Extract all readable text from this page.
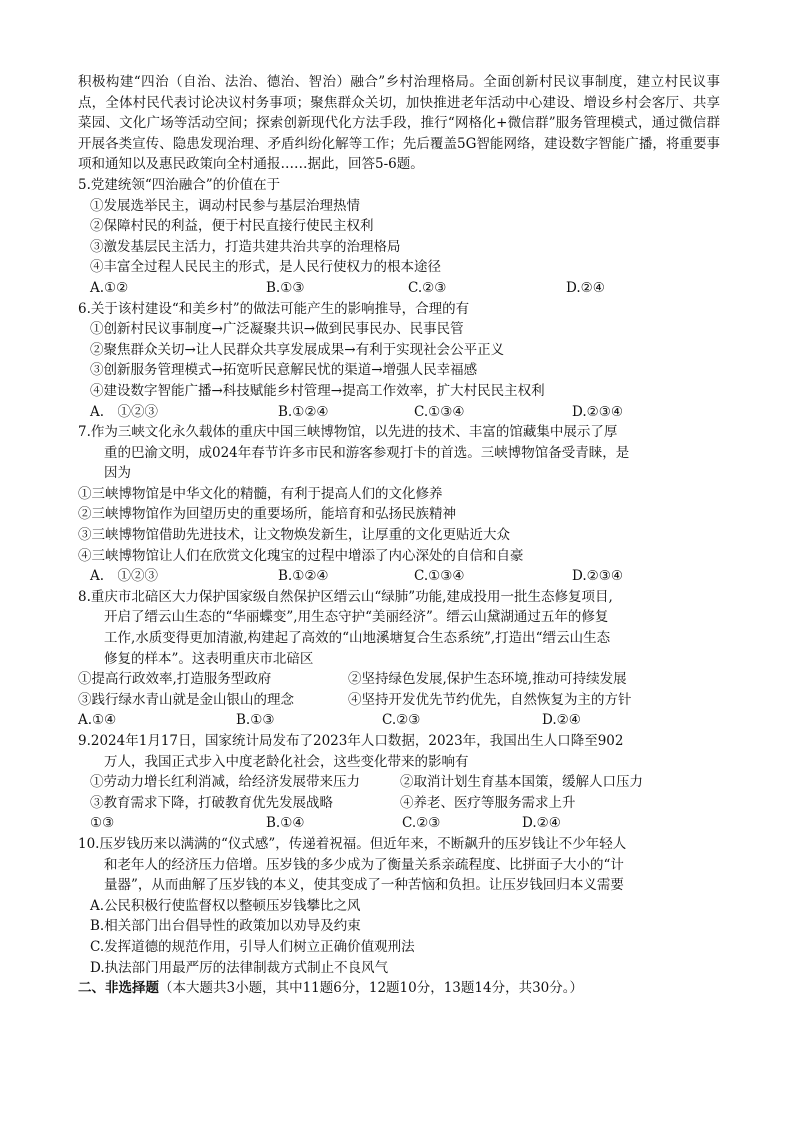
积极构建“四治（自治、法治、德治、智治）融合”乡村治理格局。全面创新村民议事制度，建立村民议事点，全体村民代表讨论决议村务事项；聚焦群众关切，加快推进老年活动中心建设、增设乡村会客厅、共享菜园、文化广场等活动空间；探索创新现代化方法手段，推行“网格化+微信群”服务管理模式，通过微信群开展各类宣传、隐患发现治理、矛盾纠纷化解等工作；先后覆盖5G智能网络，建设数字智能广播，将重要事项和通知以及惠民政策向全村通报……据此，回答5-6题。

5.党建统领“四治融合”的价值在于

①发展选举民主，调动村民参与基层治理热情

②保障村民的利益，便于村民直接行使民主权利

③激发基层民主活力，打造共建共治共享的治理格局

④丰富全过程人民民主的形式，是人民行使权力的根本途径

A.①②	B.①③	C.②③	D.②④

6.关于该村建设“和美乡村”的做法可能产生的影响推导，合理的有

①创新村民议事制度→广泛凝聚共识→做到民事民办、民事民管

②聚焦群众关切→让人民群众共享发展成果→有利于实现社会公平正义

③创新服务管理模式→拓宽听民意解民忧的渠道→增强人民幸福感

④建设数字智能广播→科技赋能乡村管理→提高工作效率，扩大村民民主权利

A.　①②③	B.①②④	C.①③④	D.②③④

7.作为三峡文化永久载体的重庆中国三峡博物馆，以先进的技术、丰富的馆藏集中展示了厚

重的巴渝文明，成024年春节许多市民和游客参观打卡的首选。三峡博物馆备受青睐，是

因为

①三峡博物馆是中华文化的精髓，有利于提高人们的文化修养

②三峡博物馆作为回望历史的重要场所，能培育和弘扬民族精神

③三峡博物馆借助先进技术，让文物焕发新生，让厚重的文化更贴近大众

④三峡博物馆让人们在欣赏文化瑰宝的过程中增添了内心深处的自信和自豪

A.　①②③	B.①②④	C.①③④	D.②③④

8.重庆市北碚区大力保护国家级自然保护区缙云山“绿肺”功能,建成投用一批生态修复项目,

开启了缙云山生态的“华丽蝶变”,用生态守护“美丽经济”。缙云山黛湖通过五年的修复

工作,水质变得更加清澈,构建起了高效的“山地溪塘复合生态系统”,打造出“缙云山生态

修复的样本”。这表明重庆市北碚区

①提高行政效率,打造服务型政府	②坚持绿色发展,保护生态环境,推动可持续发展
③践行绿水青山就是金山银山的理念	④坚持开发优先节约优先，自然恢复为主的方针
A.①④	B.①③	C.②③	D.②④

9.2024年1月17日，国家统计局发布了2023年人口数据，2023年，我国出生人口降至902

万人，我国正式步入中度老龄化社会，这些变化带来的影响有

①劳动力增长红利消减，给经济发展带来压力	②取消计划生育基本国策，缓解人口压力
③教育需求下降，打破教育优先发展战略	④养老、医疗等服务需求上升
①③	B.①④	C.②③	D.②④

10.压岁钱历来以满满的“仪式感”，传递着祝福。但近年来，不断飙升的压岁钱让不少年轻人

和老年人的经济压力倍增。压岁钱的多少成为了衡量关系亲疏程度、比拼面子大小的“计

量器”，从而曲解了压岁钱的本义，使其变成了一种苦恼和负担。让压岁钱回归本义需要

A.公民积极行使监督权以整顿压岁钱攀比之风

B.相关部门出台倡导性的政策加以劝导及约束

C.发挥道德的规范作用，引导人们树立正确价值观刑法

D.执法部门用最严厉的法律制裁方式制止不良风气

二、非选择题（本大题共3小题，其中11题6分，12题10分，13题14分，共30分。）
